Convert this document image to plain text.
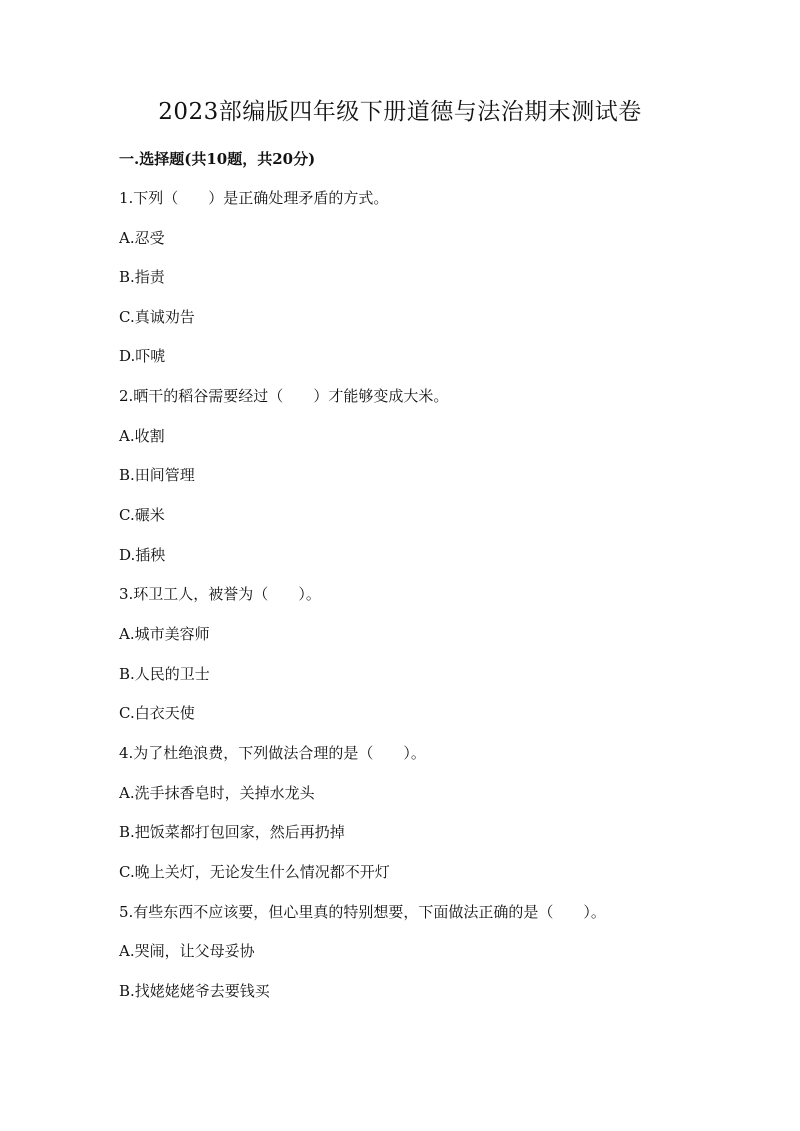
2023部编版四年级下册道德与法治期末测试卷
一.选择题(共10题，共20分)

1.下列（　　）是正确处理矛盾的方式。

A.忍受

B.指责

C.真诚劝告

D.吓唬

2.晒干的稻谷需要经过（　　）才能够变成大米。

A.收割

B.田间管理

C.碾米

D.插秧

3.环卫工人，被誉为（　　）。

A.城市美容师

B.人民的卫士

C.白衣天使

4.为了杜绝浪费，下列做法合理的是（　　）。

A.洗手抹香皂时，关掉水龙头

B.把饭菜都打包回家，然后再扔掉

C.晚上关灯，无论发生什么情况都不开灯

5.有些东西不应该要，但心里真的特别想要，下面做法正确的是（　　）。

A.哭闹，让父母妥协

B.找姥姥姥爷去要钱买
